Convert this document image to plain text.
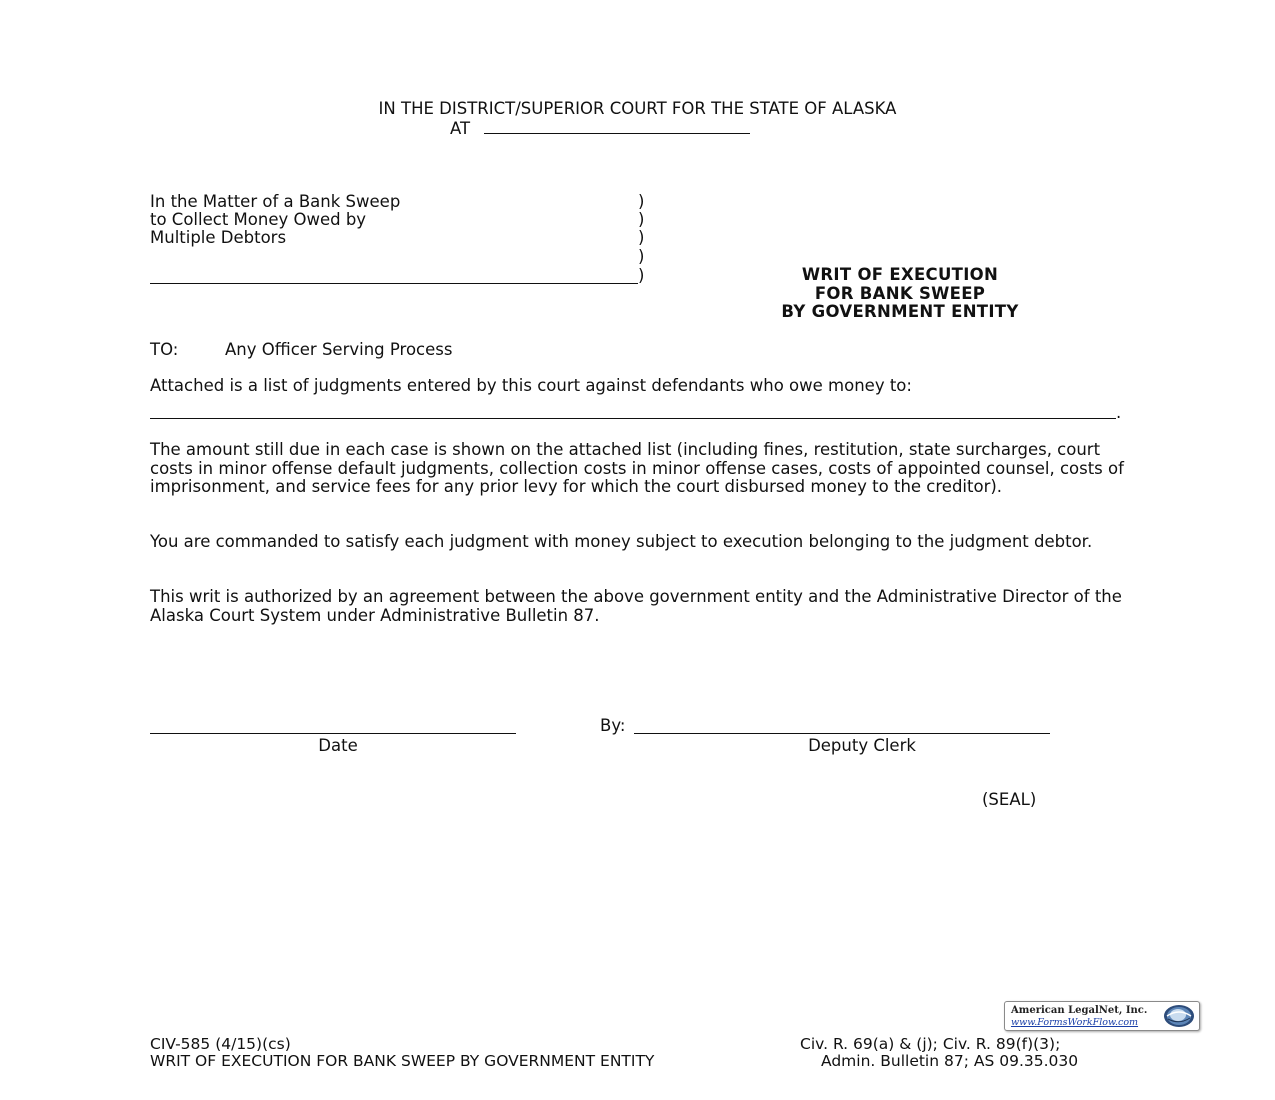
IN THE DISTRICT/SUPERIOR COURT FOR THE STATE OF ALASKA
AT
In the Matter of a Bank Sweep
to Collect Money Owed by
Multiple Debtors
)
)
)
)
)	WRIT OF EXECUTION
FOR BANK SWEEP
BY GOVERNMENT ENTITY
TO:	Any Officer Serving Process
Attached is a list of judgments entered by this court against defendants who owe money to:
.
The amount still due in each case is shown on the attached list (including fines, restitution, state surcharges, court costs in minor offense default judgments, collection costs in minor offense cases, costs of appointed counsel, costs of imprisonment, and service fees for any prior levy for which the court disbursed money to the creditor).
You are commanded to satisfy each judgment with money subject to execution belonging to the judgment debtor.
This writ is authorized by an agreement between the above government entity and the Administrative Director of the Alaska Court System under Administrative Bulletin 87.
Date
By:
Deputy Clerk
(SEAL)
American LegalNet, Inc.
www.FormsWorkFlow.com
CIV-585 (4/15)(cs)
WRIT OF EXECUTION FOR BANK SWEEP BY GOVERNMENT ENTITY
Civ. R. 69(a) & (j); Civ. R. 89(f)(3);
Admin. Bulletin 87; AS 09.35.030
